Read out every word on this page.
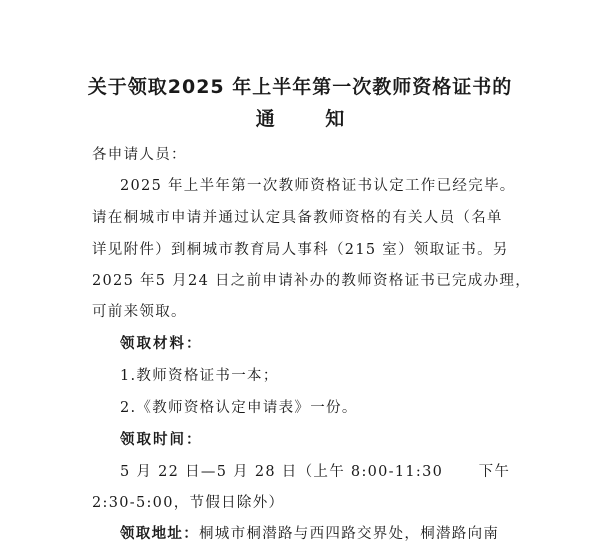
关于领取2025 年上半年第一次教师资格证书的
通 知
各申请人员：
2025 年上半年第一次教师资格证书认定工作已经完毕。
请在桐城市申请并通过认定具备教师资格的有关人员（名单
详见附件）到桐城市教育局人事科（215 室）领取证书。另
2025 年5 月24 日之前申请补办的教师资格证书已完成办理，
可前来领取。
领取材料：
1.教师资格证书一本；
2.《教师资格认定申请表》一份。
领取时间：
5 月 22 日—5 月 28 日（上午 8:00-11:30      下午
2:30-5:00，节假日除外）
领取地址：桐城市桐潜路与西四路交界处，桐潜路向南
